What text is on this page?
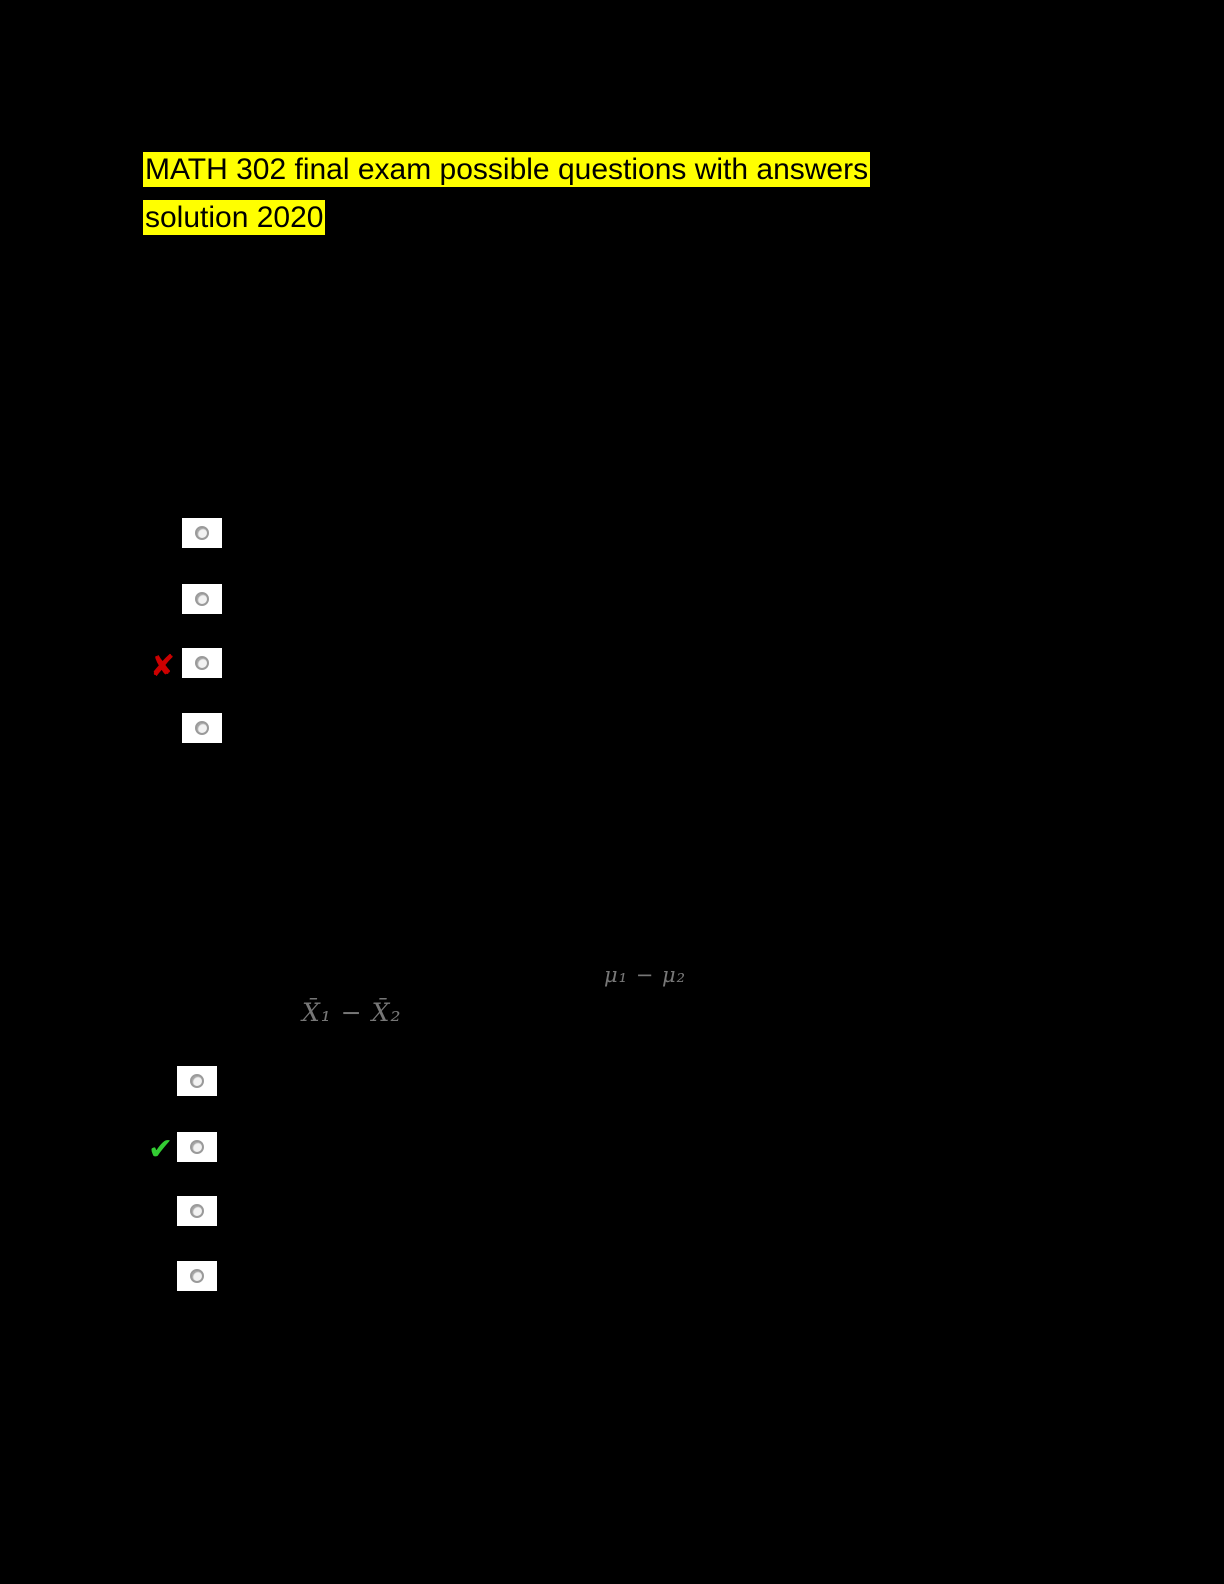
MATH 302 final exam possible questions with answers
solution 2020
✘
μ₁ − μ₂
X̄₁ − X̄₂
✔
